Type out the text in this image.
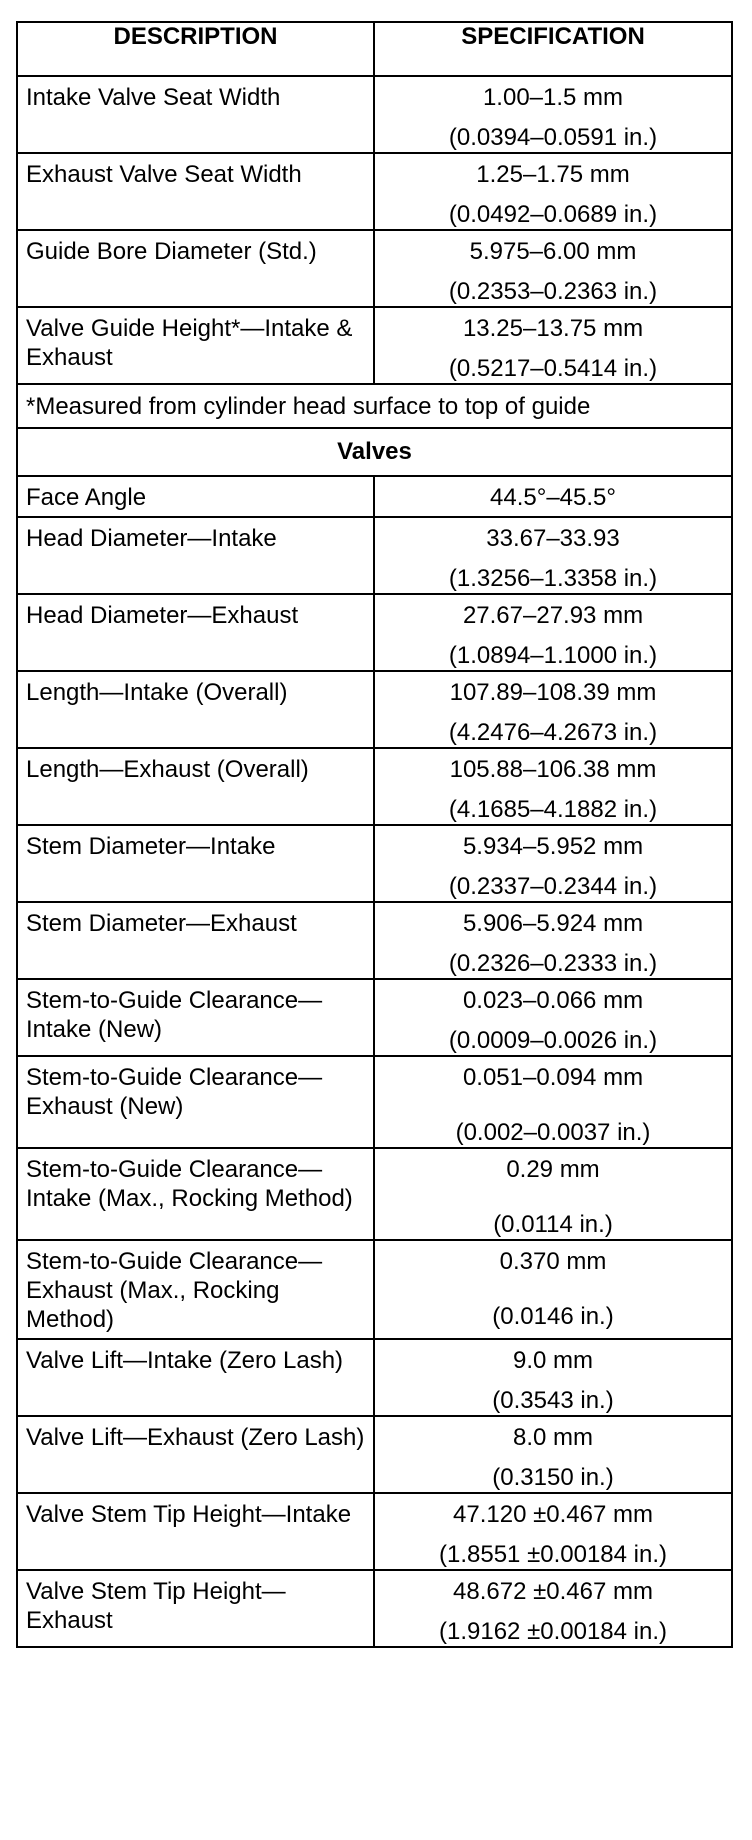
DESCRIPTION	SPECIFICATION
Intake Valve Seat Width	1.00–1.5 mm
(0.0394–0.0591 in.)

Exhaust Valve Seat Width	1.25–1.75 mm
(0.0492–0.0689 in.)

Guide Bore Diameter (Std.)	5.975–6.00 mm
(0.2353–0.2363 in.)

Valve Guide Height*—Intake & Exhaust	13.25–13.75 mm
(0.5217–0.5414 in.)

*Measured from cylinder head surface to top of guide	
Valves	
Face Angle	44.5°–45.5°

Head Diameter—Intake	33.67–33.93
(1.3256–1.3358 in.)

Head Diameter—Exhaust	27.67–27.93 mm
(1.0894–1.1000 in.)

Length—Intake (Overall)	107.89–108.39 mm
(4.2476–4.2673 in.)

Length—Exhaust (Overall)	105.88–106.38 mm
(4.1685–4.1882 in.)

Stem Diameter—Intake	5.934–5.952 mm
(0.2337–0.2344 in.)

Stem Diameter—Exhaust	5.906–5.924 mm
(0.2326–0.2333 in.)

Stem-to-Guide Clearance—Intake (New)	0.023–0.066 mm
(0.0009–0.0026 in.)

Stem-to-Guide Clearance—Exhaust (New)	0.051–0.094 mm
(0.002–0.0037 in.)

Stem-to-Guide Clearance—Intake (Max., Rocking Method)	0.29 mm
(0.0114 in.)

Stem-to-Guide Clearance—Exhaust (Max., Rocking Method)	0.370 mm
(0.0146 in.)

Valve Lift—Intake (Zero Lash)	9.0 mm
(0.3543 in.)

Valve Lift—Exhaust (Zero Lash)	8.0 mm
(0.3150 in.)

Valve Stem Tip Height—Intake	47.120 ±0.467 mm
(1.8551 ±0.00184 in.)

Valve Stem Tip Height—Exhaust	48.672 ±0.467 mm
(1.9162 ±0.00184 in.)
